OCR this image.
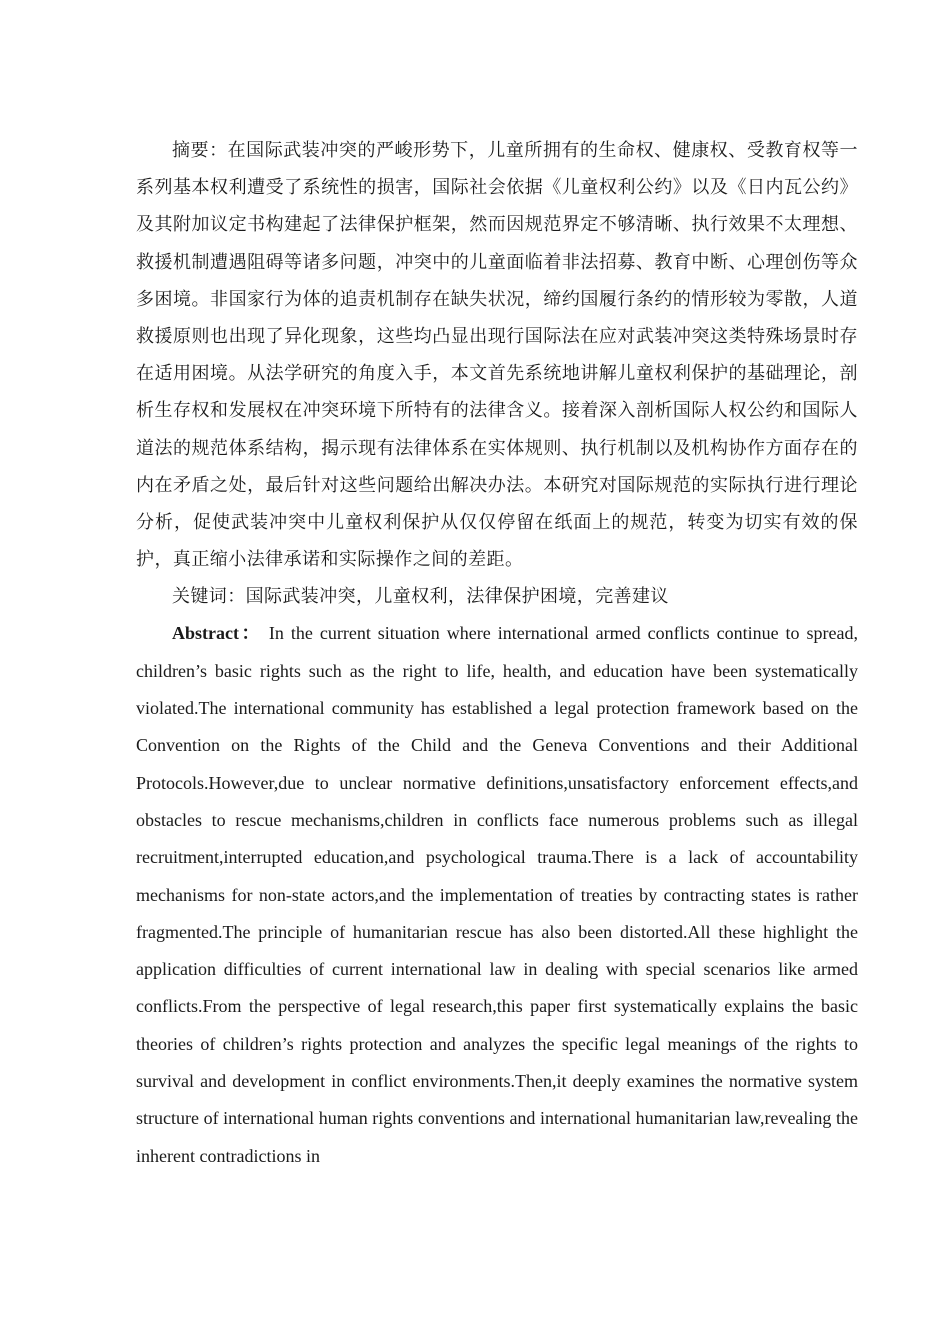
摘要：在国际武装冲突的严峻形势下，儿童所拥有的生命权、健康权、受教育权等一系列基本权利遭受了系统性的损害，国际社会依据《儿童权利公约》以及《日内瓦公约》及其附加议定书构建起了法律保护框架，然而因规范界定不够清晰、执行效果不太理想、救援机制遭遇阻碍等诸多问题，冲突中的儿童面临着非法招募、教育中断、心理创伤等众多困境。非国家行为体的追责机制存在缺失状况，缔约国履行条约的情形较为零散，人道救援原则也出现了异化现象，这些均凸显出现行国际法在应对武装冲突这类特殊场景时存在适用困境。从法学研究的角度入手，本文首先系统地讲解儿童权利保护的基础理论，剖析生存权和发展权在冲突环境下所特有的法律含义。接着深入剖析国际人权公约和国际人道法的规范体系结构，揭示现有法律体系在实体规则、执行机制以及机构协作方面存在的内在矛盾之处，最后针对这些问题给出解决办法。本研究对国际规范的实际执行进行理论分析，促使武装冲突中儿童权利保护从仅仅停留在纸面上的规范，转变为切实有效的保护，真正缩小法律承诺和实际操作之间的差距。

关键词：国际武装冲突，儿童权利，法律保护困境，完善建议

Abstract： In the current situation where international armed conflicts continue to spread, children’s basic rights such as the right to life, health, and education have been systematically violated.The international community has established a legal protection framework based on the Convention on the Rights of the Child and the Geneva Conventions and their Additional Protocols.However,due to unclear normative definitions,unsatisfactory enforcement effects,and obstacles to rescue mechanisms,children in conflicts face numerous problems such as illegal recruitment,interrupted education,and psychological trauma.There is a lack of accountability mechanisms for non-state actors,and the implementation of treaties by contracting states is rather fragmented.The principle of humanitarian rescue has also been distorted.All these highlight the application difficulties of current international law in dealing with special scenarios like armed conflicts.From the perspective of legal research,this paper first systematically explains the basic theories of children’s rights protection and analyzes the specific legal meanings of the rights to survival and development in conflict environments.Then,it deeply examines the normative system structure of international human rights conventions and international humanitarian law,revealing the inherent contradictions in
